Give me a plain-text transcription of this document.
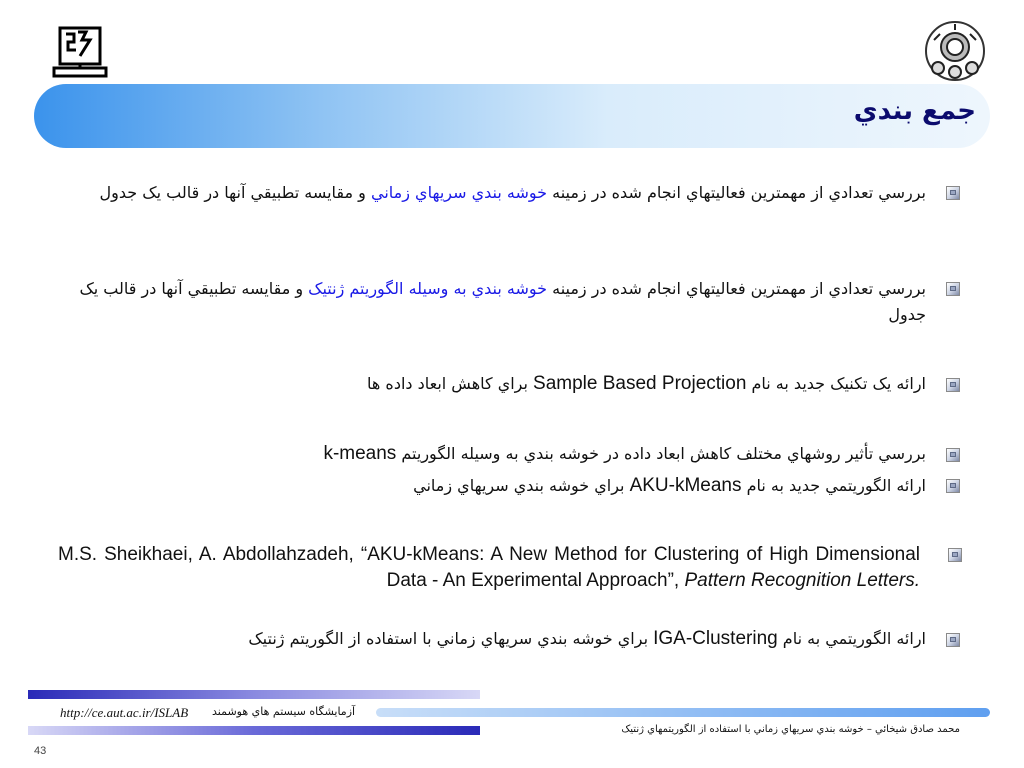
جمع بندي
بررسي تعدادي از مهمترين فعاليتهاي انجام شده در زمينه خوشه بندي سريهاي زماني و مقايسه تطبيقي آنها در قالب يک جدول
بررسي تعدادي از مهمترين فعاليتهاي انجام شده در زمينه خوشه بندي به وسيله الگوريتم ژنتيک و مقايسه تطبيقي آنها در قالب يک جدول
ارائه يک تکنيک جديد به نام Sample Based Projection براي کاهش ابعاد داده ها
بررسي تأثير روشهاي مختلف کاهش ابعاد داده در خوشه بندي به وسيله الگوريتم k-means
ارائه الگوريتمي جديد به نام AKU-kMeans براي خوشه بندي سريهاي زماني
M.S. Sheikhaei, A. Abdollahzadeh, “AKU-kMeans: A New Method for Clustering of High Dimensional Data - An Experimental Approach”, Pattern Recognition Letters.
ارائه الگوريتمي به نام IGA-Clustering براي خوشه بندي سريهاي زماني با استفاده از الگوريتم ژنتيک
http://ce.aut.ac.ir/ISLAB آزمايشگاه سيستم هاي هوشمند
محمد صادق شيخائي – خوشه بندي سريهاي زماني با استفاده از الگوريتمهاي ژنتيک
43
